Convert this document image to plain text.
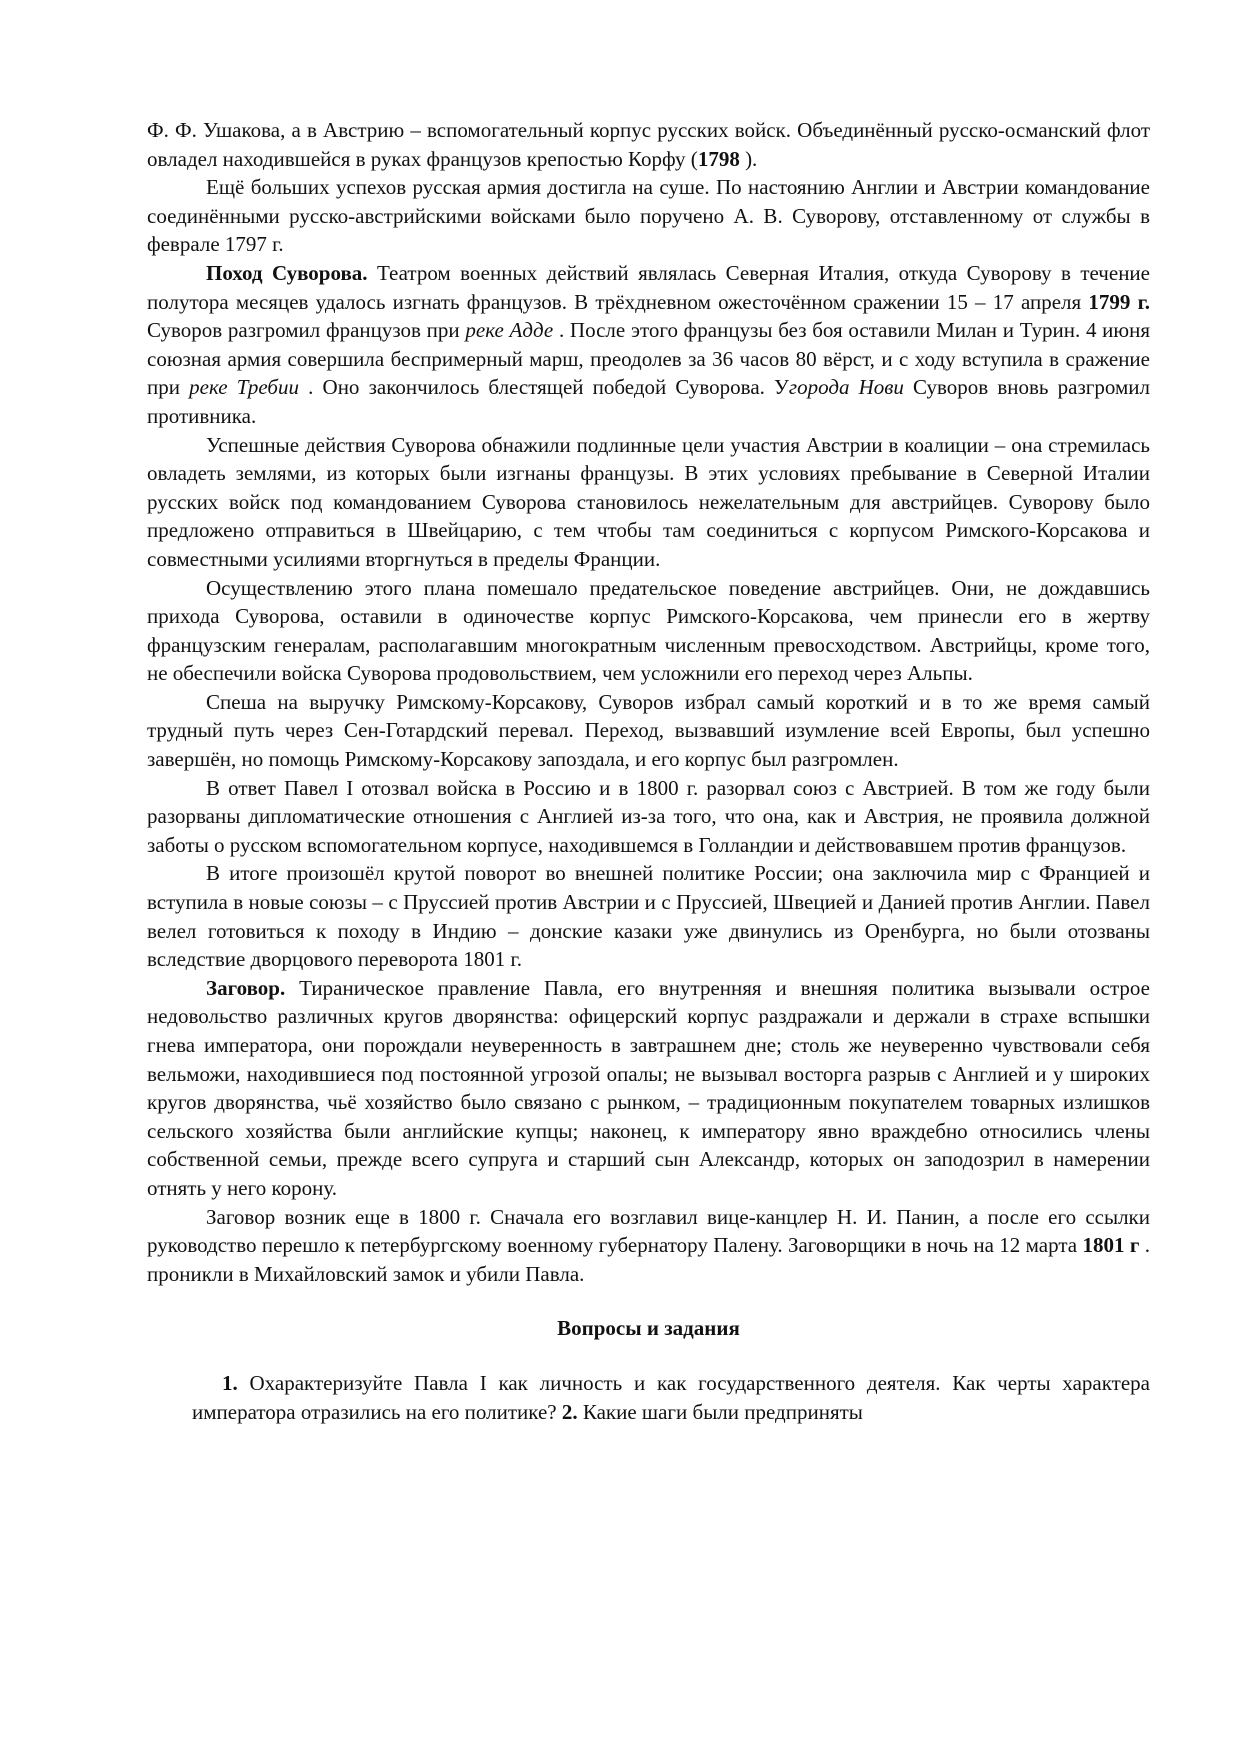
Ф. Ф. Ушакова, а в Австрию – вспомогательный корпус русских войск. Объединённый русско-османский флот овладел находившейся в руках французов крепостью Корфу (1798 ).

Ещё больших успехов русская армия достигла на суше. По настоянию Англии и Австрии командование соединёнными русско-австрийскими войсками было поручено А. В. Суворову, отставленному от службы в феврале 1797 г.

Поход Суворова. Театром военных действий являлась Северная Италия, откуда Суворову в течение полутора месяцев удалось изгнать французов. В трёхдневном ожесточённом сражении 15 – 17 апреля 1799 г. Суворов разгромил французов при реке Адде . После этого французы без боя оставили Милан и Турин. 4 июня союзная армия совершила беспримерный марш, преодолев за 36 часов 80 вёрст, и с ходу вступила в сражение при реке Требии . Оно закончилось блестящей победой Суворова. Угорода Нови Суворов вновь разгромил противника.

Успешные действия Суворова обнажили подлинные цели участия Австрии в коалиции – она стремилась овладеть землями, из которых были изгнаны французы. В этих условиях пребывание в Северной Италии русских войск под командованием Суворова становилось нежелательным для австрийцев. Суворову было предложено отправиться в Швейцарию, с тем чтобы там соединиться с корпусом Римского-Корсакова и совместными усилиями вторгнуться в пределы Франции.

Осуществлению этого плана помешало предательское поведение австрийцев. Они, не дождавшись прихода Суворова, оставили в одиночестве корпус Римского-Корсакова, чем принесли его в жертву французским генералам, располагавшим многократным численным превосходством. Австрийцы, кроме того, не обеспечили войска Суворова продовольствием, чем усложнили его переход через Альпы.

Спеша на выручку Римскому-Корсакову, Суворов избрал самый короткий и в то же время самый трудный путь через Сен-Готардский перевал. Переход, вызвавший изумление всей Европы, был успешно завершён, но помощь Римскому-Корсакову запоздала, и его корпус был разгромлен.

В ответ Павел I отозвал войска в Россию и в 1800 г. разорвал союз с Австрией. В том же году были разорваны дипломатические отношения с Англией из-за того, что она, как и Австрия, не проявила должной заботы о русском вспомогательном корпусе, находившемся в Голландии и действовавшем против французов.

В итоге произошёл крутой поворот во внешней политике России; она заключила мир с Францией и вступила в новые союзы – с Пруссией против Австрии и с Пруссией, Швецией и Данией против Англии. Павел велел готовиться к походу в Индию – донские казаки уже двинулись из Оренбурга, но были отозваны вследствие дворцового переворота 1801 г.

Заговор. Тираническое правление Павла, его внутренняя и внешняя политика вызывали острое недовольство различных кругов дворянства: офицерский корпус раздражали и держали в страхе вспышки гнева императора, они порождали неуверенность в завтрашнем дне; столь же неуверенно чувствовали себя вельможи, находившиеся под постоянной угрозой опалы; не вызывал восторга разрыв с Англией и у широких кругов дворянства, чьё хозяйство было связано с рынком, – традиционным покупателем товарных излишков сельского хозяйства были английские купцы; наконец, к императору явно враждебно относились члены собственной семьи, прежде всего супруга и старший сын Александр, которых он заподозрил в намерении отнять у него корону.

Заговор возник еще в 1800 г. Сначала его возглавил вице-канцлер Н. И. Панин, а после его ссылки руководство перешло к петербургскому военному губернатору Палену. Заговорщики в ночь на 12 марта 1801 г . проникли в Михайловский замок и убили Павла.

Вопросы и задания

1. Охарактеризуйте Павла I как личность и как государственного деятеля. Как черты характера императора отразились на его политике? 2. Какие шаги были предприняты
